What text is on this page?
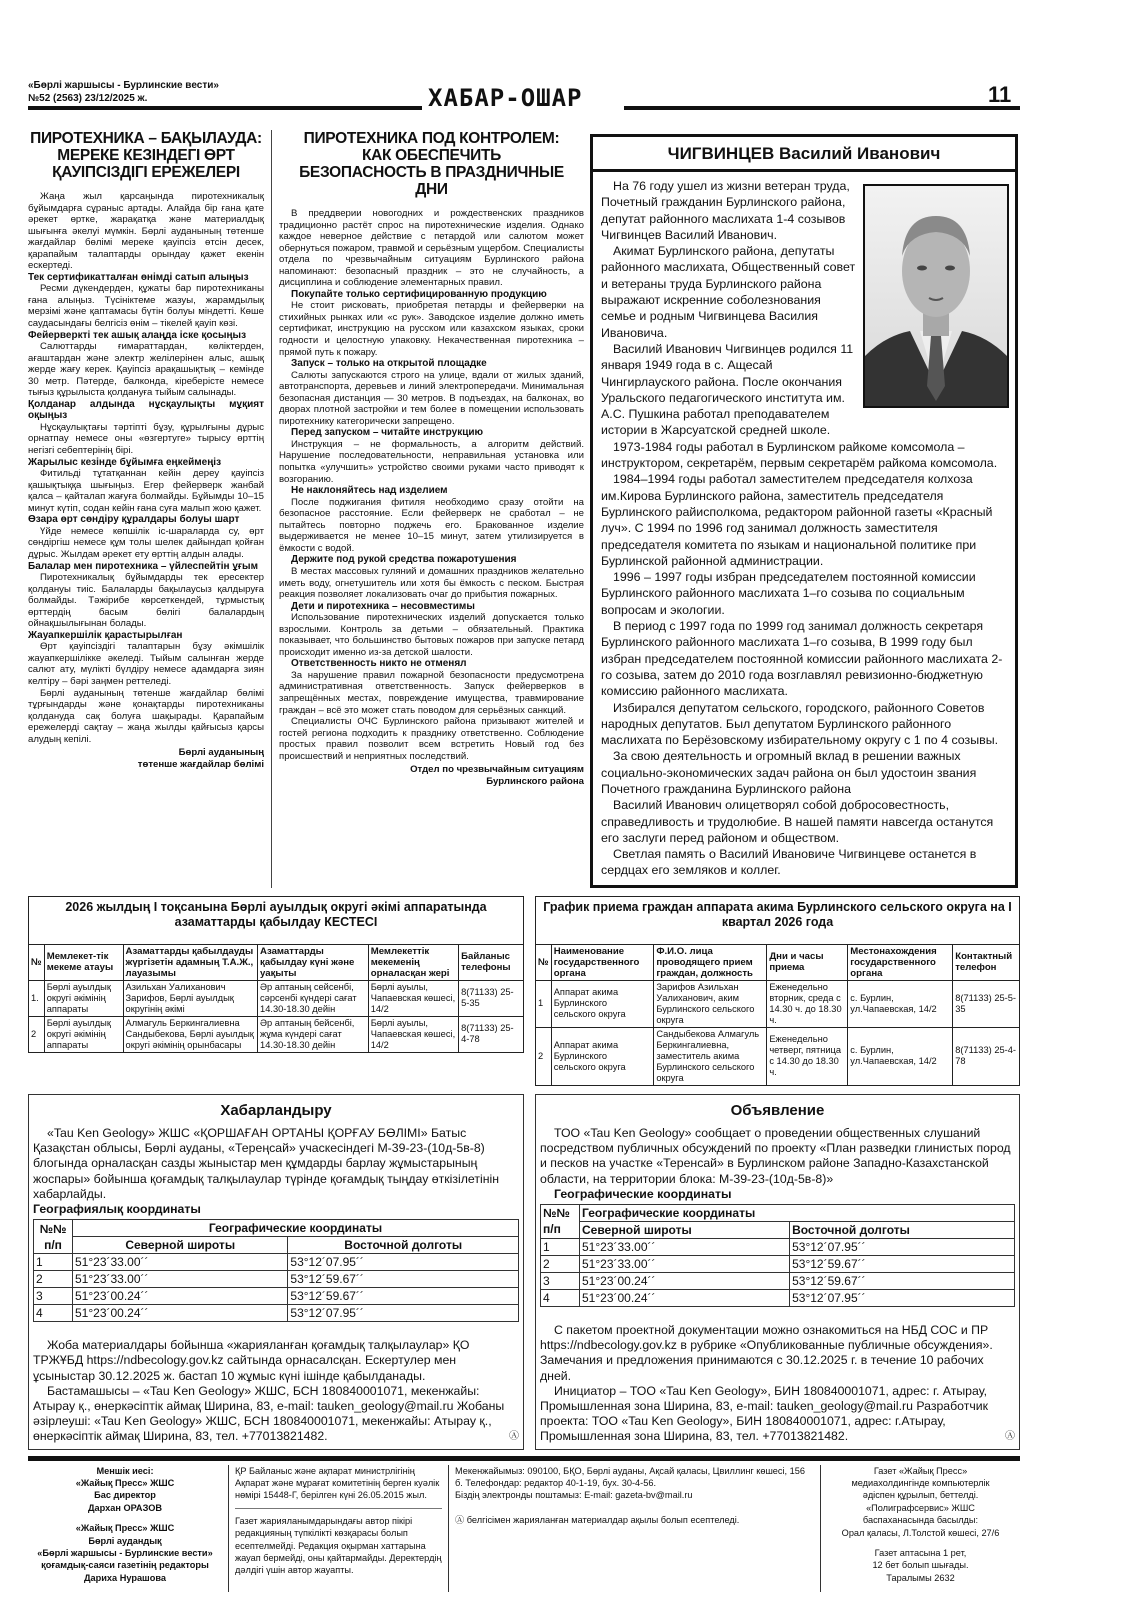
«Бөрлі жаршысы - Бурлинские вести»
№52 (2563) 23/12/2025 ж.	ХАБАР-ОШАР	11
ПИРОТЕХНИКА – БАҚЫЛАУДА: МЕРЕКЕ КЕЗІНДЕГІ ӨРТ ҚАУІПСІЗДІГІ ЕРЕЖЕЛЕРІ

Жаңа жыл қарсаңында пиротехникалық бұйымдарға сұраныс артады. Алайда бір ғана қате әрекет өртке, жарақатқа және материалдық шығынға әкелуі мүмкін. Бөрлі ауданының төтенше жағдайлар бөлімі мереке қауіпсіз өтсін десек, қарапайым талаптарды орындау қажет екенін ескертеді.

Тек сертификатталған өнімді сатып алыңыз

Ресми дүкендерден, құжаты бар пиротехниканы ғана алыңыз. Түсініктеме жазуы, жарамдылық мерзімі және қаптамасы бүтін болуы міндетті. Көше саудасындағы белгісіз өнім – тікелей қауіп көзі.

Фейерверкті тек ашық алаңда іске қосыңыз

Салюттарды ғимараттардан, көліктерден, ағаштардан және электр желілерінен алыс, ашық жерде жағу керек. Қауіпсіз арақашықтық – кемінде 30 метр. Пәтерде, балконда, кіреберісте немесе тығыз құрылыста қолдануға тыйым салынады.

Қолданар алдында нұсқаулықты мұқият оқыңыз

Нұсқаулықтағы тәртіпті бұзу, құрылғыны дұрыс орнатпау немесе оны «өзгертуге» тырысу өрттің негізгі себептерінің бірі.

Жарылыс кезінде бұйымға еңкеймеңіз

Фитильді тұтатқаннан кейін дереу қауіпсіз қашықтыққа шығыңыз. Егер фейерверк жанбай қалса – қайталап жағуға болмайды. Бұйымды 10–15 минут күтіп, содан кейін ғана суға малып жою қажет.

Өзара өрт сөндіру құралдары болуы шарт

Үйде немесе көпшілік іс-шараларда су, өрт сөндіргіш немесе құм толы шелек дайындап қойған дұрыс. Жылдам әрекет ету өрттің алдын алады.

Балалар мен пиротехника – үйлеспейтін ұғым

Пиротехникалық бұйымдарды тек ересектер қолдануы тиіс. Балаларды бақылаусыз қалдыруға болмайды. Тәжірибе көрсеткендей, тұрмыстық өрттердің басым бөлігі балалардың ойнақшылығынан болады.

Жауапкершілік қарастырылған

Өрт қауіпсіздігі талаптарын бұзу әкімшілік жауапкершілікке әкеледі. Тыйым салынған жерде салют ату, мүлікті бүлдіру немесе адамдарға зиян келтіру – бәрі заңмен реттеледі.

Бөрлі ауданының төтенше жағдайлар бөлімі тұрғындарды және қонақтарды пиротехниканы қолдануда сақ болуға шақырады. Қарапайым ережелерді сақтау – жаңа жылды қайғысыз қарсы алудың кепілі.

Бөрлі ауданының
төтенше жағдайлар бөлімі
ПИРОТЕХНИКА ПОД КОНТРОЛЕМ: КАК ОБЕСПЕЧИТЬ БЕЗОПАСНОСТЬ В ПРАЗДНИЧНЫЕ ДНИ

В преддверии новогодних и рождественских праздников традиционно растёт спрос на пиротехнические изделия. Однако каждое неверное действие с петардой или салютом может обернуться пожаром, травмой и серьёзным ущербом. Специалисты отдела по чрезвычайным ситуациям Бурлинского района напоминают: безопасный праздник – это не случайность, а дисциплина и соблюдение элементарных правил.

Покупайте только сертифицированную продукцию

Не стоит рисковать, приобретая петарды и фейерверки на стихийных рынках или «с рук». Заводское изделие должно иметь сертификат, инструкцию на русском или казахском языках, сроки годности и целостную упаковку. Некачественная пиротехника – прямой путь к пожару.

Запуск – только на открытой площадке

Салюты запускаются строго на улице, вдали от жилых зданий, автотранспорта, деревьев и линий электропередачи. Минимальная безопасная дистанция — 30 метров. В подъездах, на балконах, во дворах плотной застройки и тем более в помещении использовать пиротехнику категорически запрещено.

Перед запуском – читайте инструкцию

Инструкция – не формальность, а алгоритм действий. Нарушение последовательности, неправильная установка или попытка «улучшить» устройство своими руками часто приводят к возгоранию.

Не наклоняйтесь над изделием

После поджигания фитиля необходимо сразу отойти на безопасное расстояние. Если фейерверк не сработал – не пытайтесь повторно поджечь его. Бракованное изделие выдерживается не менее 10–15 минут, затем утилизируется в ёмкости с водой.

Держите под рукой средства пожаротушения

В местах массовых гуляний и домашних праздников желательно иметь воду, огнетушитель или хотя бы ёмкость с песком. Быстрая реакция позволяет локализовать очаг до прибытия пожарных.

Дети и пиротехника – несовместимы

Использование пиротехнических изделий допускается только взрослыми. Контроль за детьми – обязательный. Практика показывает, что большинство бытовых пожаров при запуске петард происходит именно из-за детской шалости.

Ответственность никто не отменял

За нарушение правил пожарной безопасности предусмотрена административная ответственность. Запуск фейерверков в запрещённых местах, повреждение имущества, травмирование граждан – всё это может стать поводом для серьёзных санкций.

Специалисты ОЧС Бурлинского района призывают жителей и гостей региона подходить к празднику ответственно. Соблюдение простых правил позволит всем встретить Новый год без происшествий и неприятных последствий.

Отдел по чрезвычайным ситуациям
Бурлинского района
ЧИГВИНЦЕВ Василий Иванович

На 76 году ушел из жизни ветеран труда, Почетный гражданин Бурлинского района, депутат районного маслихата 1-4 созывов Чигвинцев Василий Иванович.

Акимат Бурлинского района, депутаты районного маслихата, Общественный совет и ветераны труда Бурлинского района выражают искренние соболезнования семье и родным Чигвинцева Василия Ивановича.

Василий Иванович Чигвинцев родился 11 января 1949 года в с. Ащесай Чингирлауского района. После окончания Уральского педагогического института им. А.С. Пушкина работал преподавателем истории в Жарсуатской средней школе.

1973-1984 годы работал в Бурлинском райкоме комсомола – инструктором, секретарём, первым секретарём райкома комсомола.

1984–1994 годы работал заместителем председателя колхоза им.Кирова Бурлинского района, заместитель председателя Бурлинского райисполкома, редактором районной газеты «Красный луч». С 1994 по 1996 год занимал должность заместителя председателя комитета по языкам и национальной политике при Бурлинской районной администрации.

1996 – 1997 годы избран председателем постоянной комиссии Бурлинского районного маслихата 1–го созыва по социальным вопросам и экологии.

В период с 1997 года по 1999 год занимал должность секретаря Бурлинского районного маслихата 1–го созыва, В 1999 году был избран председателем постоянной комиссии районного маслихата 2-го созыва, затем до 2010 года возглавлял ревизионно-бюджетную комиссию районного маслихата.

Избирался депутатом сельского, городского, районного Советов народных депутатов. Был депутатом Бурлинского районного маслихата по Берёзовскому избирательному округу с 1 по 4 созывы.

За свою деятельность и огромный вклад в решении важных социально-экономических задач района он был удостоин звания Почетного гражданина Бурлинского района

Василий Иванович олицетворял собой добросовестность, справедливость и трудолюбие. В нашей памяти навсегда останутся его заслуги перед районом и обществом.

Светлая память о Василий Ивановиче Чигвинцеве останется в сердцах его земляков и коллег.

2026 жылдың I тоқсанына Бөрлі ауылдық округі әкімі аппаратында азаматтарды қабылдау КЕСТЕСІ					
№	Мемлекет-тік мекеме атауы	Азаматтарды қабылдауды жүргізетін адамның Т.А.Ж., лауазымы	Азаматтарды қабылдау күні және уақыты	Мемлекеттік мекеменің орналасқан жері	Байланыс телефоны
1.	Бөрлі ауылдық округі әкімінің аппараты	Азильхан Уалиханович Зарифов, Бөрлі ауылдық округінің әкімі	Әр аптаның сейсенбі, сәрсенбі күндері сағат 14.30-18.30 дейін	Бөрлі ауылы, Чапаевская көшесі, 14/2	8(71133) 25-5-35
2	Бөрлі ауылдық округі әкімінің аппараты	Алмагуль Беркингалиевна Сандыбекова, Бөрлі ауылдық округі әкімінің орынбасары	Әр аптаның бейсенбі, жұма күндері сағат 14.30-18.30 дейін	Бөрлі ауылы, Чапаевская көшесі, 14/2	8(71133) 25-4-78
График приема граждан аппарата акима Бурлинского сельского округа на I квартал 2026 года					
№	Наименование государственного органа	Ф.И.О. лица проводящего прием граждан, должность	Дни и часы приема	Местонахождения государственного органа	Контактный телефон
1	Аппарат акима Бурлинского сельского округа	Зарифов Азильхан Уалиханович, аким Бурлинского сельского округа	Еженедельно вторник, среда с 14.30 ч. до 18.30 ч.	с. Бурлин, ул.Чапаевская, 14/2	8(71133) 25-5-35
2	Аппарат акима Бурлинского сельского округа	Сандыбекова Алмагуль Беркингалиевна, заместитель акима Бурлинского сельского округа	Еженедельно четверг, пятница с 14.30 до 18.30 ч.	с. Бурлин, ул.Чапаевская, 14/2	8(71133) 25-4-78
Хабарландыру

«Tau Ken Geology» ЖШС «ҚОРШАҒАН ОРТАНЫ ҚОРҒАУ БӨЛІМІ» Батыс Қазақстан облысы, Бөрлі ауданы, «Тереңсай» учаскесіндегі М-39-23-(10д-5в-8) блогында орналасқан сазды жыныстар мен құмдарды барлау жұмыстарының жоспары» бойынша қоғамдық талқылаулар түрінде қоғамдық тыңдау өткізілетінін хабарлайды.

Географиялық координаты
№№ п/п	Географические координаты	
	Северной широты	Восточной долготы
1	51°23´33.00´´	53°12´07.95´´
2	51°23´33.00´´	53°12´59.67´´
3	51°23´00.24´´	53°12´59.67´´
4	51°23´00.24´´	53°12´07.95´´

Жоба материалдары бойынша «жарияланған қоғамдық талқылаулар» ҚО ТРЖҰБД https://ndbecology.gov.kz сайтында орнасалсқан. Ескертулер мен ұсыныстар 30.12.2025 ж. бастап 10 жұмыс күні ішінде қабылданады.

Бастамашысы – «Tau Ken Geology» ЖШС, БСН 180840001071, мекенжайы: Атырау қ., өнеркәсіптік аймақ Ширина, 83, e-mail: tauken_geology@mail.ru Жобаны әзірлеуші: «Tau Ken Geology» ЖШС, БСН 180840001071, мекенжайы: Атырау қ., өнеркәсіптік аймақ Ширина, 83, тел. +77013821482.	Ⓐ

Объявление

ТОО «Tau Ken Geology» сообщает о проведении общественных слушаний посредством публичных обсуждений по проекту «План разведки глинистых пород и песков на участке «Теренсай» в Бурлинском районе Западно-Казахстанской области, на территории блока: М-39-23-(10д-5в-8)»

Географические координаты
№№ п/п	Географические координаты	
	Северной широты	Восточной долготы
1	51°23´33.00´´	53°12´07.95´´
2	51°23´33.00´´	53°12´59.67´´
3	51°23´00.24´´	53°12´59.67´´
4	51°23´00.24´´	53°12´07.95´´

С пакетом проектной документации можно ознакомиться на НБД СОС и ПР https://ndbecology.gov.kz в рубрике «Опубликованные публичные обсуждения». Замечания и предложения принимаются с 30.12.2025 г. в течение 10 рабочих дней.

Инициатор – ТОО «Tau Ken Geology», БИН 180840001071, адрес: г. Атырау, Промышленная зона Ширина, 83, e-mail: tauken_geology@mail.ru Разработчик проекта: ТОО «Tau Ken Geology», БИН 180840001071, адрес: г.Атырау, Промышленная зона Ширина, 83, тел. +77013821482.	Ⓐ

Меншік иесі:
«Жайық Пресс» ЖШС
Бас директор
Дархан ОРАЗОВ

«Жайық Пресс» ЖШС
Бөрлі аудандық
«Бөрлі жаршысы - Бурлинские вести»
қоғамдық-саяси газетінің редакторы
Дариха Нурашова

ҚР Байланыс және ақпарат министрлігінің Ақпарат және мұрағат комитетінің берген куәлік нөмірі 15448-Г, берілген күні 26.05.2015 жыл.

Газет жарияланымдарындағы автор пікірі редакцияның түпкілікті көзқарасы болып есептелмейді. Редакция оқырман хаттарына жауап бермейді, оны қайтармайды. Деректердің дәлдігі үшін автор жауапты.

Мекенжайымыз: 090100, БҚО, Бөрлі ауданы, Ақсай қаласы, Цвиллинг көшесі, 156 б. Телефондар: редактор 40-1-19, бух. 30-4-56.

Біздің электронды поштамыз: E-mail: gazeta-bv@mail.ru

Ⓐ белгісімен жарияланған материалдар ақылы болып есептеледі.

Газет «Жайық Пресс»
медиахолдингінде компьютерлік
әдіспен құрылып, беттелді.
«Полиграфсервис» ЖШС
баспаханасында басылды:
Орал қаласы, Л.Толстой көшесі, 27/6

Газет аптасына 1 рет,
12 бет болып шығады.
Таралымы 2632
